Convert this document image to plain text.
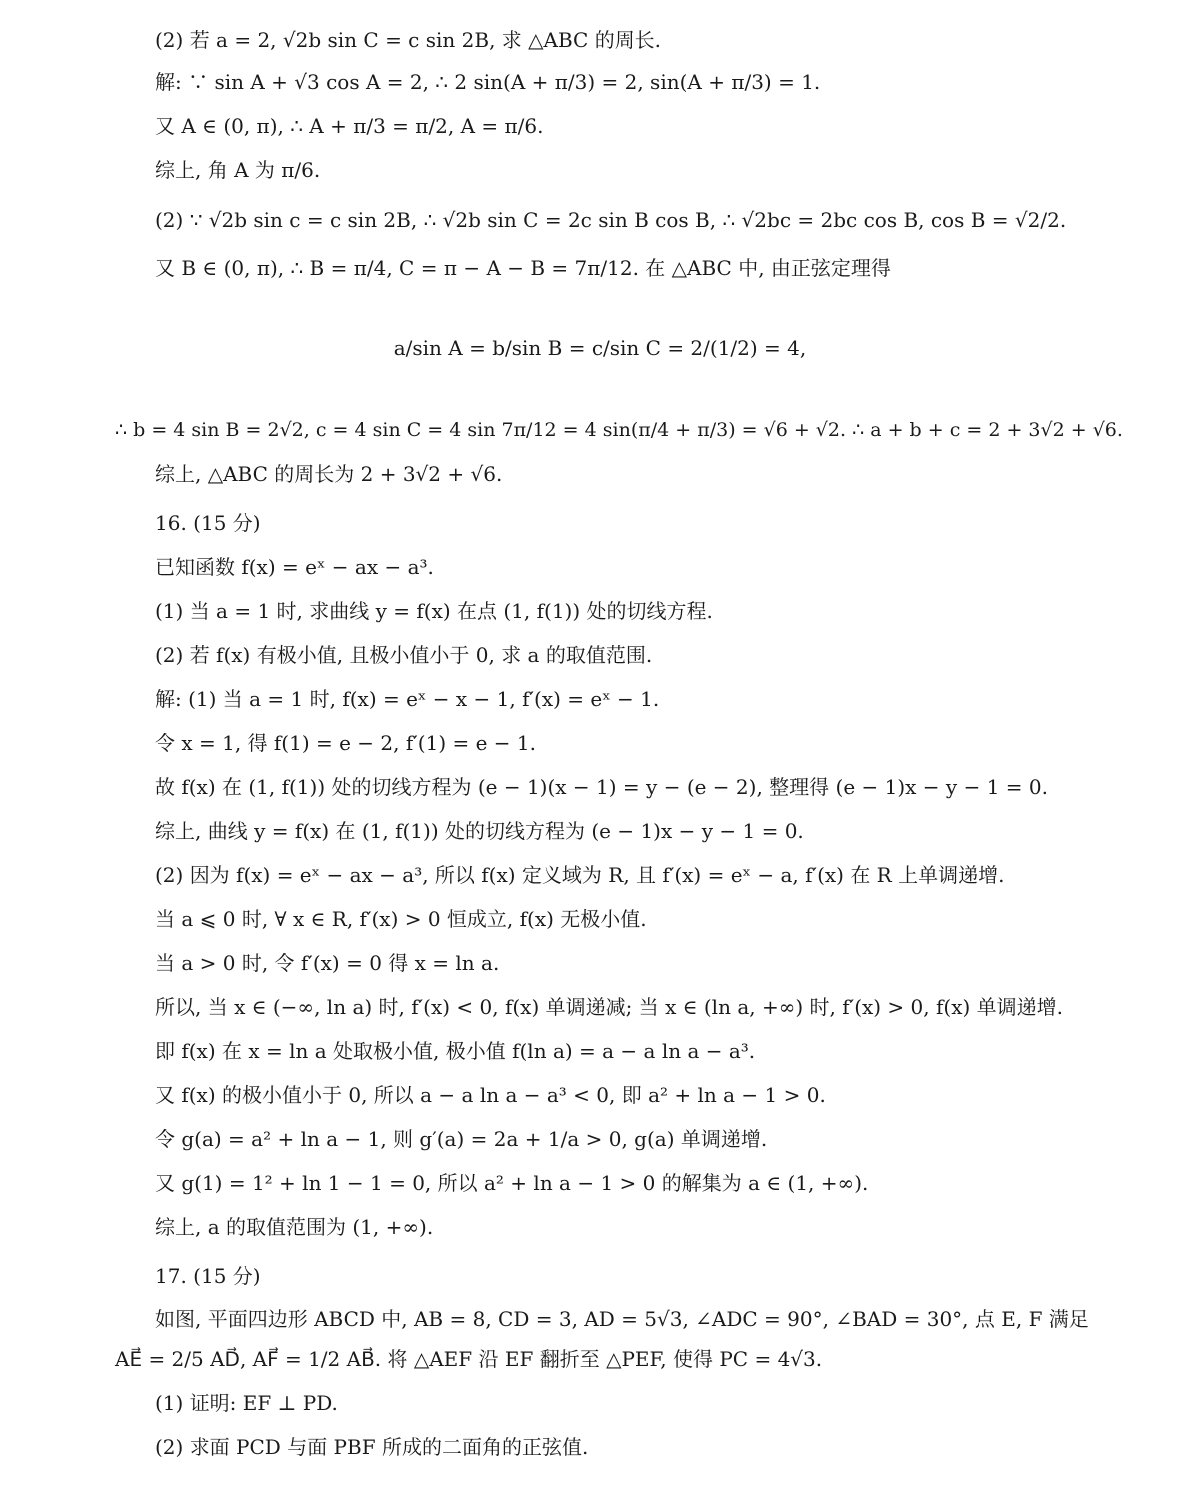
(2) 若 a = 2, √2b sin C = c sin 2B, 求 △ABC 的周长.
解: ∵ sin A + √3 cos A = 2, ∴ 2 sin(A + π/3) = 2, sin(A + π/3) = 1.
又 A ∈ (0, π), ∴ A + π/3 = π/2, A = π/6.
综上, 角 A 为 π/6.
(2) ∵ √2b sin c = c sin 2B, ∴ √2b sin C = 2c sin B cos B, ∴ √2bc = 2bc cos B, cos B = √2/2.
又 B ∈ (0, π), ∴ B = π/4, C = π − A − B = 7π/12. 在 △ABC 中, 由正弦定理得
a/sin A = b/sin B = c/sin C = 2/(1/2) = 4,
∴ b = 4 sin B = 2√2, c = 4 sin C = 4 sin 7π/12 = 4 sin(π/4 + π/3) = √6 + √2. ∴ a + b + c = 2 + 3√2 + √6.
综上, △ABC 的周长为 2 + 3√2 + √6.
16. (15 分)
已知函数 f(x) = eˣ − ax − a³.
(1) 当 a = 1 时, 求曲线 y = f(x) 在点 (1, f(1)) 处的切线方程.
(2) 若 f(x) 有极小值, 且极小值小于 0, 求 a 的取值范围.
解: (1) 当 a = 1 时, f(x) = eˣ − x − 1, f′(x) = eˣ − 1.
令 x = 1, 得 f(1) = e − 2, f′(1) = e − 1.
故 f(x) 在 (1, f(1)) 处的切线方程为 (e − 1)(x − 1) = y − (e − 2), 整理得 (e − 1)x − y − 1 = 0.
综上, 曲线 y = f(x) 在 (1, f(1)) 处的切线方程为 (e − 1)x − y − 1 = 0.
(2) 因为 f(x) = eˣ − ax − a³, 所以 f(x) 定义域为 R, 且 f′(x) = eˣ − a, f′(x) 在 R 上单调递增.
当 a ⩽ 0 时, ∀ x ∈ R, f′(x) > 0 恒成立, f(x) 无极小值.
当 a > 0 时, 令 f′(x) = 0 得 x = ln a.
所以, 当 x ∈ (−∞, ln a) 时, f′(x) < 0, f(x) 单调递减; 当 x ∈ (ln a, +∞) 时, f′(x) > 0, f(x) 单调递增.
即 f(x) 在 x = ln a 处取极小值, 极小值 f(ln a) = a − a ln a − a³.
又 f(x) 的极小值小于 0, 所以 a − a ln a − a³ < 0, 即 a² + ln a − 1 > 0.
令 g(a) = a² + ln a − 1, 则 g′(a) = 2a + 1/a > 0, g(a) 单调递增.
又 g(1) = 1² + ln 1 − 1 = 0, 所以 a² + ln a − 1 > 0 的解集为 a ∈ (1, +∞).
综上, a 的取值范围为 (1, +∞).
17. (15 分)
如图, 平面四边形 ABCD 中, AB = 8, CD = 3, AD = 5√3, ∠ADC = 90°, ∠BAD = 30°, 点 E, F 满足
AE⃗ = 2/5 AD⃗, AF⃗ = 1/2 AB⃗. 将 △AEF 沿 EF 翻折至 △PEF, 使得 PC = 4√3.
(1) 证明: EF ⊥ PD.
(2) 求面 PCD 与面 PBF 所成的二面角的正弦值.
